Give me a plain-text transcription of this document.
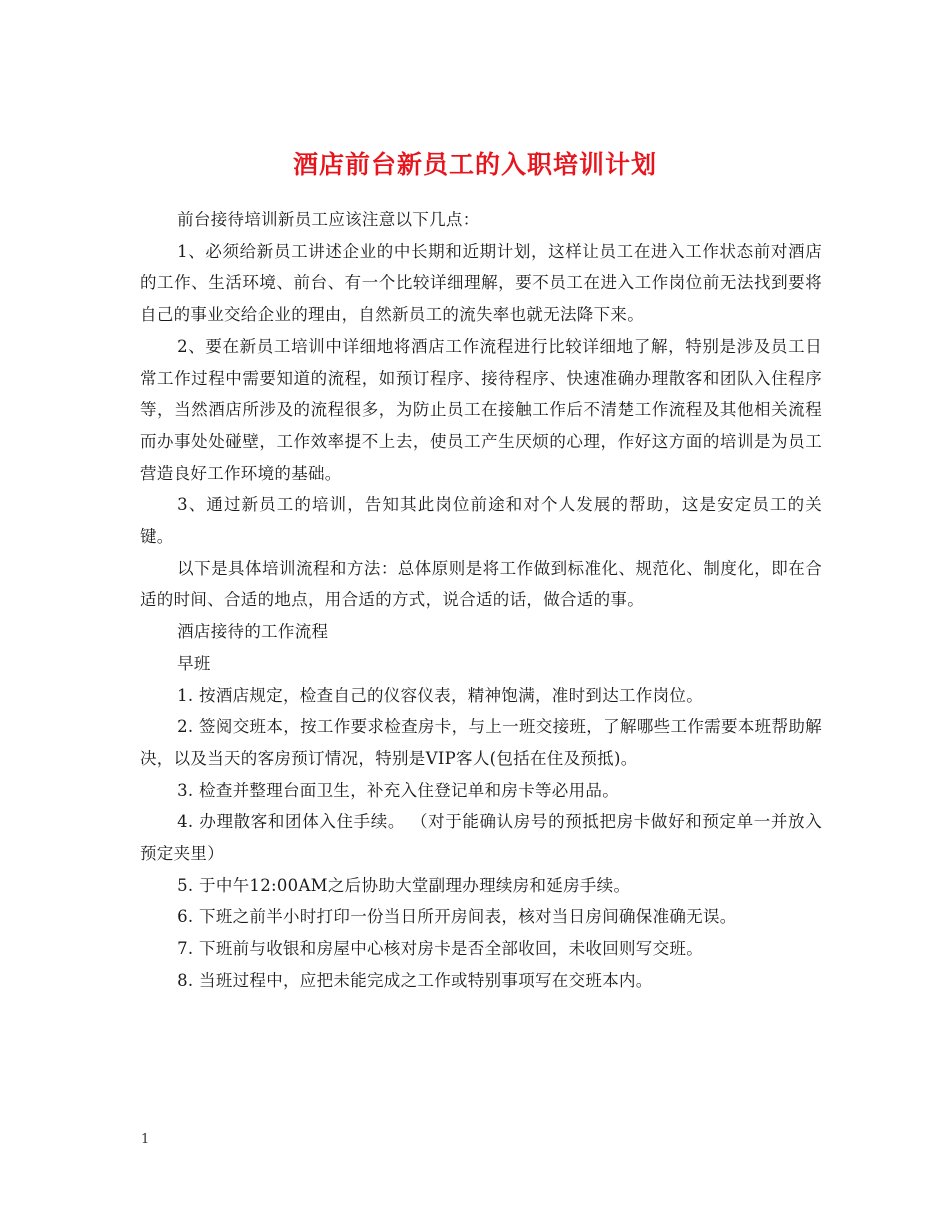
酒店前台新员工的入职培训计划

前台接待培训新员工应该注意以下几点：

1、必须给新员工讲述企业的中长期和近期计划，这样让员工在进入工作状态前对酒店的工作、生活环境、前台、有一个比较详细理解，要不员工在进入工作岗位前无法找到要将自己的事业交给企业的理由，自然新员工的流失率也就无法降下来。

2、要在新员工培训中详细地将酒店工作流程进行比较详细地了解，特别是涉及员工日常工作过程中需要知道的流程，如预订程序、接待程序、快速准确办理散客和团队入住程序等，当然酒店所涉及的流程很多，为防止员工在接触工作后不清楚工作流程及其他相关流程而办事处处碰壁，工作效率提不上去，使员工产生厌烦的心理，作好这方面的培训是为员工营造良好工作环境的基础。

3、通过新员工的培训，告知其此岗位前途和对个人发展的帮助，这是安定员工的关键。

以下是具体培训流程和方法：总体原则是将工作做到标准化、规范化、制度化，即在合适的时间、合适的地点，用合适的方式，说合适的话，做合适的事。

酒店接待的工作流程

早班

1. 按酒店规定，检查自己的仪容仪表，精神饱满，准时到达工作岗位。

2. 签阅交班本，按工作要求检查房卡，与上一班交接班，了解哪些工作需要本班帮助解决，以及当天的客房预订情况，特别是VIP客人(包括在住及预抵)。

3. 检查并整理台面卫生，补充入住登记单和房卡等必用品。

4. 办理散客和团体入住手续。 （对于能确认房号的预抵把房卡做好和预定单一并放入预定夹里）

5. 于中午12:00AM之后协助大堂副理办理续房和延房手续。

6. 下班之前半小时打印一份当日所开房间表，核对当日房间确保准确无误。

7. 下班前与收银和房屋中心核对房卡是否全部收回，未收回则写交班。

8. 当班过程中，应把未能完成之工作或特别事项写在交班本内。

1
